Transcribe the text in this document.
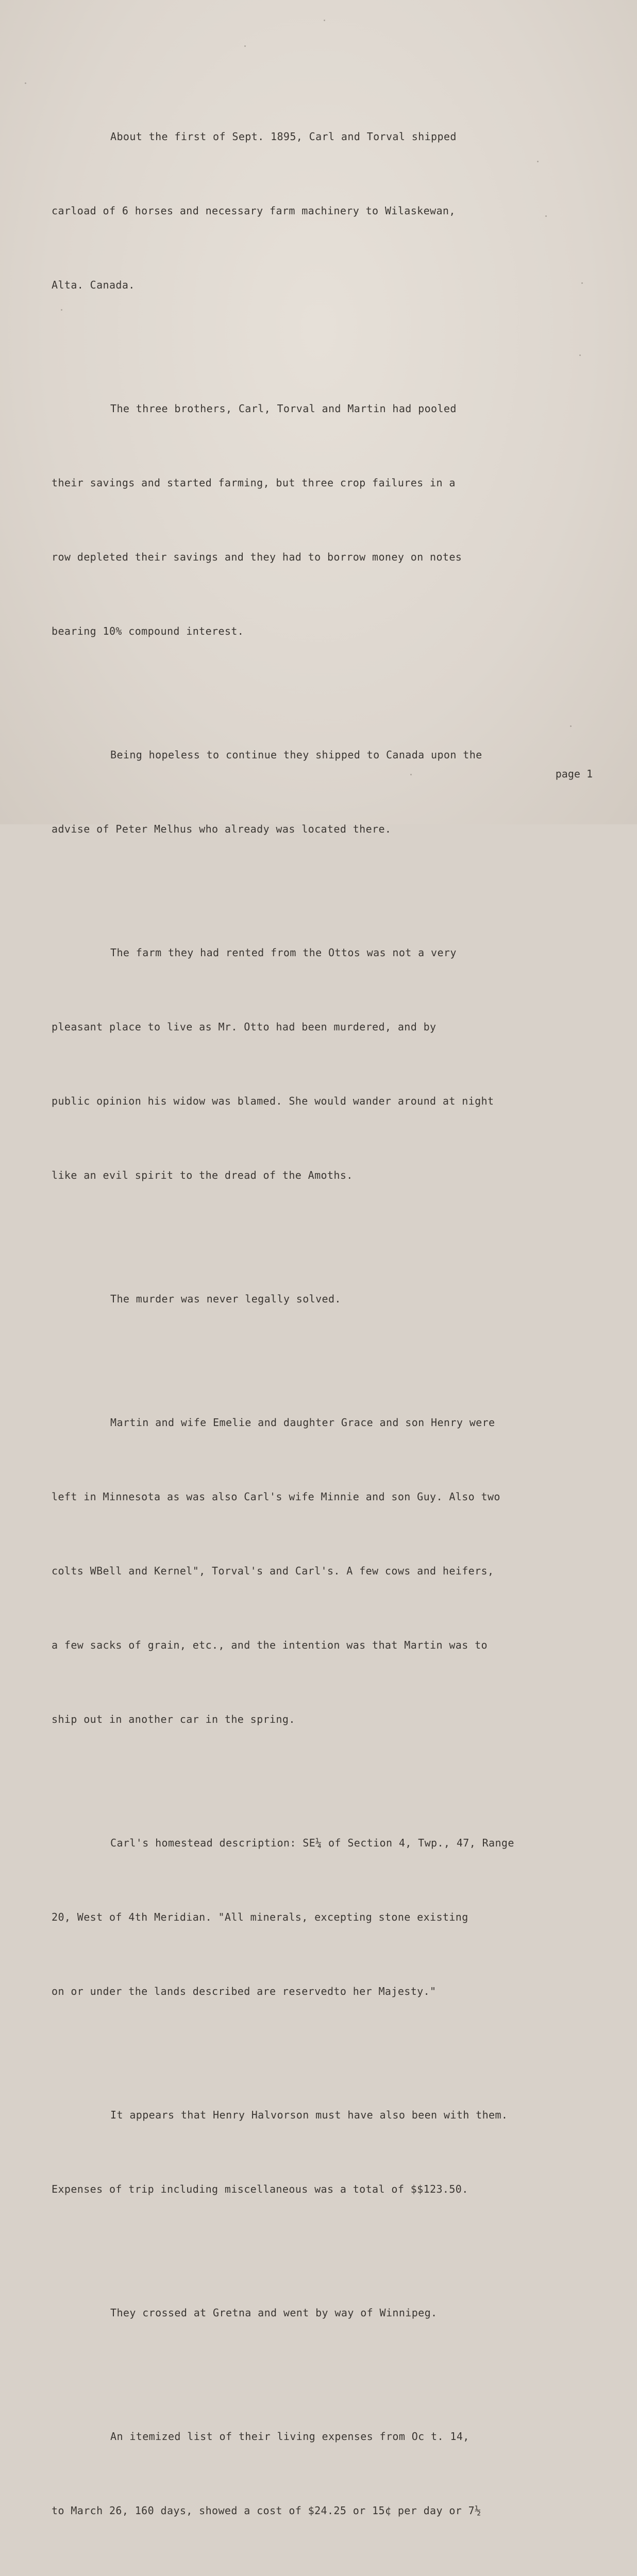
About the first of Sept. 1895, Carl and Torval shipped

carload of 6 horses and necessary farm machinery to Wilaskewan,

Alta. Canada.

The three brothers, Carl, Torval and Martin had pooled

their savings and started farming, but three crop failures in a

row depleted their savings and they had to borrow money on notes

bearing 10% compound interest.

Being hopeless to continue they shipped to Canada upon the

advise of Peter Melhus who already was located there.

The farm they had rented from the Ottos was not a very

pleasant place to live as Mr. Otto had been murdered, and by

public opinion his widow was blamed. She would wander around at night

like an evil spirit to the dread of the Amoths.

The murder was never legally solved.

Martin and wife Emelie and daughter Grace and son Henry were

left in Minnesota as was also Carl's wife Minnie and son Guy. Also two

colts WBell and Kernel", Torval's and Carl's. A few cows and heifers,

a few sacks of grain, etc., and the intention was that Martin was to

ship out in another car in the spring.

Carl's homestead description: SE¼ of Section 4, Twp., 47, Range

20, West of 4th Meridian. "All minerals, excepting stone existing

on or under the lands described are reservedto her Majesty."

It appears that Henry Halvorson must have also been with them.

Expenses of trip including miscellaneous was a total of $$123.50.

They crossed at Gretna and went by way of Winnipeg.

An itemized list of their living expenses from Oc t. 14,

to March 26, 160 days, showed a cost of $24.25 or 15¢ per day or 7½

page 1
